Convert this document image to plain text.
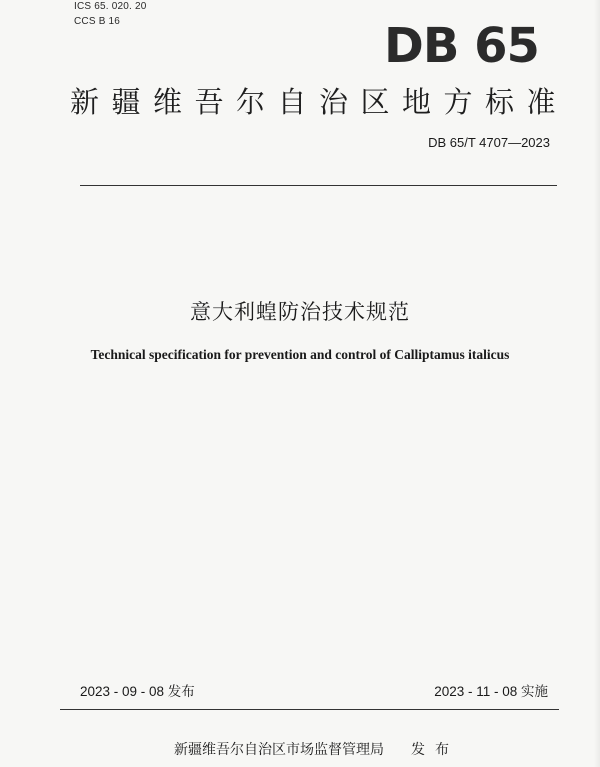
ICS 65. 020. 20
CCS B 16	DB 65
新疆维吾尔自治区地方标准
DB 65/T 4707—2023
意大利蝗防治技术规范
Technical specification for prevention and control of Calliptamus italicus
2023 - 09 - 08 发布	2023 - 11 - 08 实施
新疆维吾尔自治区市场监督管理局 发布
